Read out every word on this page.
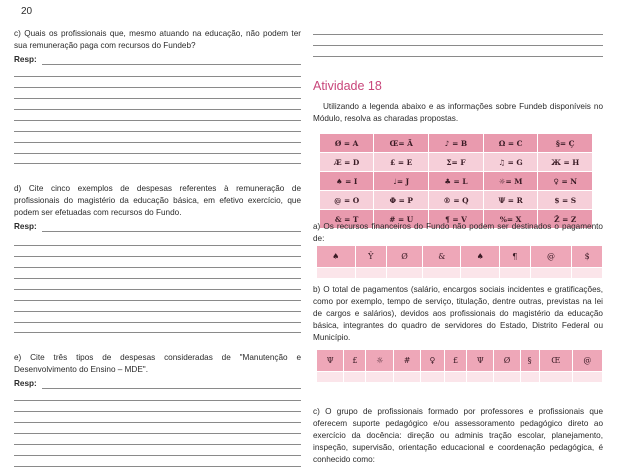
20
c) Quais os profissionais que, mesmo atuando na educação, não podem ter sua remuneração paga com recursos do Fundeb?
Resp:
d) Cite cinco exemplos de despesas referentes à remuneração de profissionais do magistério da educação básica, em efetivo exercício, que podem ser efetuadas com recursos do Fundo.
Resp:
e) Cite três tipos de despesas consideradas de "Manutenção e Desenvolvimento do Ensino – MDE".
Resp:
Atividade 18
Utilizando a legenda abaixo e as informações sobre Fundeb disponíveis no Módulo, resolva as charadas propostas.
Ø = A	Œ= Ã	♪ = B	Ω = C	§= Ç
Æ = D	£ = E	Σ= F	♫ = G	Ж = H
♠ = I	♩= J	♣ = L	☼= M	♀ = N
@ = O	Φ = P	® = Q	Ψ = R	$ = S
& = T	# = U	¶ = V	%= X	Ž = Z
a) Os recursos financeiros do Fundo não podem ser destinados o pagamento de:
♠	Ŷ	Ø	&	♠	¶	@	$

b) O total de pagamentos (salário, encargos sociais incidentes e gratificações, como por exemplo, tempo de serviço, titulação, dentre outras, previstas na lei de cargos e salários), devidos aos profissionais do magistério da educação básica, integrantes do quadro de servidores do Estado, Distrito Federal ou Município.
Ψ	£	☼	#	♀	£	Ψ	Ø	§	Œ	@

c) O grupo de profissionais formado por professores e profissionais que oferecem suporte pedagógico e/ou assessoramento pedagógico direto ao exercício da docência: direção ou adminis tração escolar, planejamento, inspeção, supervisão, orientação educacional e coordenação pedagógica, é conhecido como:
